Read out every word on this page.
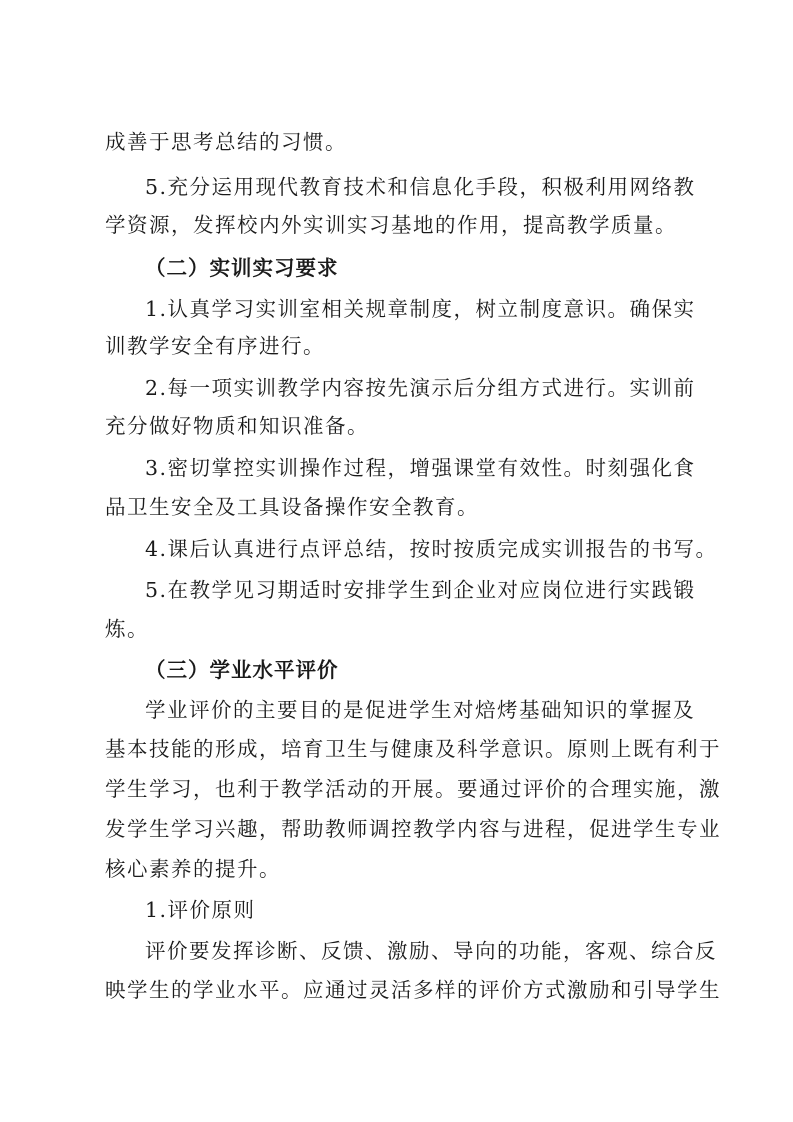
成善于思考总结的习惯。
5.充分运用现代教育技术和信息化手段，积极利用网络教
学资源，发挥校内外实训实习基地的作用，提高教学质量。
（二）实训实习要求
1.认真学习实训室相关规章制度，树立制度意识。确保实
训教学安全有序进行。
2.每一项实训教学内容按先演示后分组方式进行。实训前
充分做好物质和知识准备。
3.密切掌控实训操作过程，增强课堂有效性。时刻强化食
品卫生安全及工具设备操作安全教育。
4.课后认真进行点评总结，按时按质完成实训报告的书写。
5.在教学见习期适时安排学生到企业对应岗位进行实践锻
炼。
（三）学业水平评价
学业评价的主要目的是促进学生对焙烤基础知识的掌握及
基本技能的形成，培育卫生与健康及科学意识。原则上既有利于
学生学习，也利于教学活动的开展。要通过评价的合理实施，激
发学生学习兴趣，帮助教师调控教学内容与进程，促进学生专业
核心素养的提升。
1.评价原则
评价要发挥诊断、反馈、激励、导向的功能，客观、综合反
映学生的学业水平。应通过灵活多样的评价方式激励和引导学生
